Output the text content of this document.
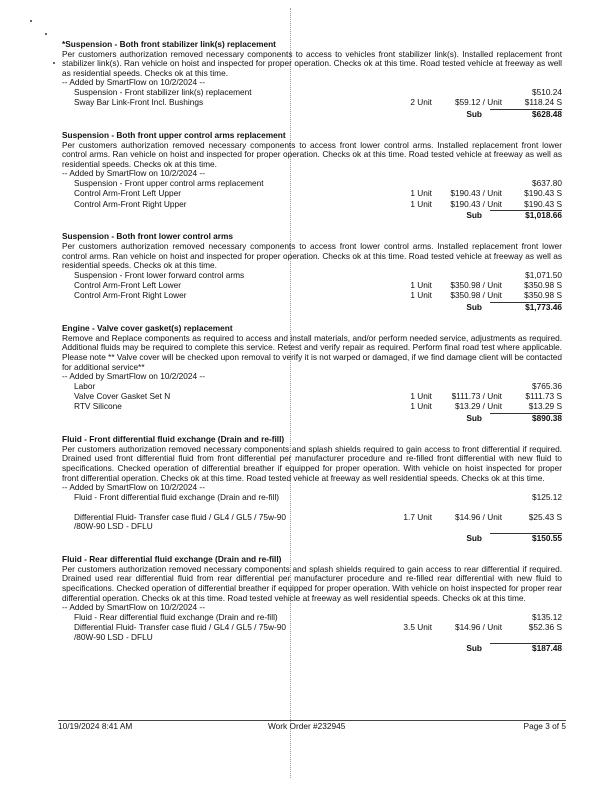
*Suspension - Both front stabilizer link(s) replacement
Per customers authorization removed necessary components to access to vehicles front stabilizer link(s). Installed replacement front stabilizer link(s). Ran vehicle on hoist and inspected for proper operation. Checks ok at this time. Road tested vehicle at freeway as well as residential speeds. Checks ok at this time.
-- Added by SmartFlow on 10/2/2024 --
Suspension - Front stabilizer link(s) replacement	$510.24
Sway Bar Link-Front Incl. Bushings	2 Unit	$59.12 / Unit	$118.24 S
Sub	$628.48
Suspension - Both front upper control arms replacement
Per customers authorization removed necessary components to access front lower control arms. Installed replacement front lower control arms. Ran vehicle on hoist and inspected for proper operation. Checks ok at this time. Road tested vehicle at freeway as well as residential speeds. Checks ok at this time.
-- Added by SmartFlow on 10/2/2024 --
Suspension - Front upper control arms replacement	$637.80
Control Arm-Front Left Upper	1 Unit $190.43 / Unit	$190.43 S
Control Arm-Front Right Upper	1 Unit $190.43 / Unit	$190.43 S
Sub	$1,018.66
Suspension - Both front lower control arms
Per customers authorization removed necessary components to access front lower control arms. Installed replacement front lower control arms. Ran vehicle on hoist and inspected for proper operation. Checks ok at this time. Road tested vehicle at freeway as well as residential speeds. Checks ok at this time.
Suspension - Front lower forward control arms	$1,071.50
Control Arm-Front Left Lower	1 Unit $350.98 / Unit	$350.98 S
Control Arm-Front Right Lower	1 Unit $350.98 / Unit	$350.98 S
Sub	$1,773.46
Engine - Valve cover gasket(s) replacement
Remove and Replace components as required to access and install materials, and/or perform needed service, adjustments as required. Additional fluids may be required to complete this service. Retest and verify repair as required. Perform final road test where applicable. Please note ** Valve cover will be checked upon removal to verify it is not warped or damaged, if we find damage client will be contacted for additional service**
-- Added by SmartFlow on 10/2/2024 --
Labor	$765.36
Valve Cover Gasket Set N	1 Unit $111.73 / Unit	$111.73 S
RTV Silicone	1 Unit	$13.29 / Unit	$13.29 S
Sub	$890.38
Fluid - Front differential fluid exchange (Drain and re-fill)
Per customers authorization removed necessary components and splash shields required to gain access to front differential if required. Drained used front differential fluid from front differential per manufacturer procedure and re-filled front differential with new fluid to specifications. Checked operation of differential breather if equipped for proper operation. With vehicle on hoist inspected for proper front differential operation. Checks ok at this time. Road tested vehicle at freeway as well residential speeds. Checks ok at this time.
-- Added by SmartFlow on 10/2/2024 --
Fluid - Front differential fluid exchange (Drain and re-fill)	$125.12
Differential Fluid- Transfer case fluid / GL4 / GL5 / 75w-90 /80W-90 LSD - DFLU
1.7 Unit	$14.96 / Unit	$25.43 S
Sub	$150.55
Fluid - Rear differential fluid exchange (Drain and re-fill)
Per customers authorization removed necessary components and splash shields required to gain access to rear differential if required. Drained used rear differential fluid from rear differential per manufacturer procedure and re-filled rear differential with new fluid to specifications. Checked operation of differential breather if equipped for proper operation. With vehicle on hoist inspected for proper rear differential operation. Checks ok at this time. Road tested vehicle at freeway as well residential speeds. Checks ok at this time.
-- Added by SmartFlow on 10/2/2024 --
Fluid - Rear differential fluid exchange (Drain and re-fill)	$135.12
Differential Fluid- Transfer case fluid / GL4 / GL5 / 75w-90 /80W-90 LSD - DFLU
3.5 Unit	$14.96 / Unit	$52.36 S
Sub	$187.48
10/19/2024 8:41 AM	Work Order #232945	Page 3 of 5
